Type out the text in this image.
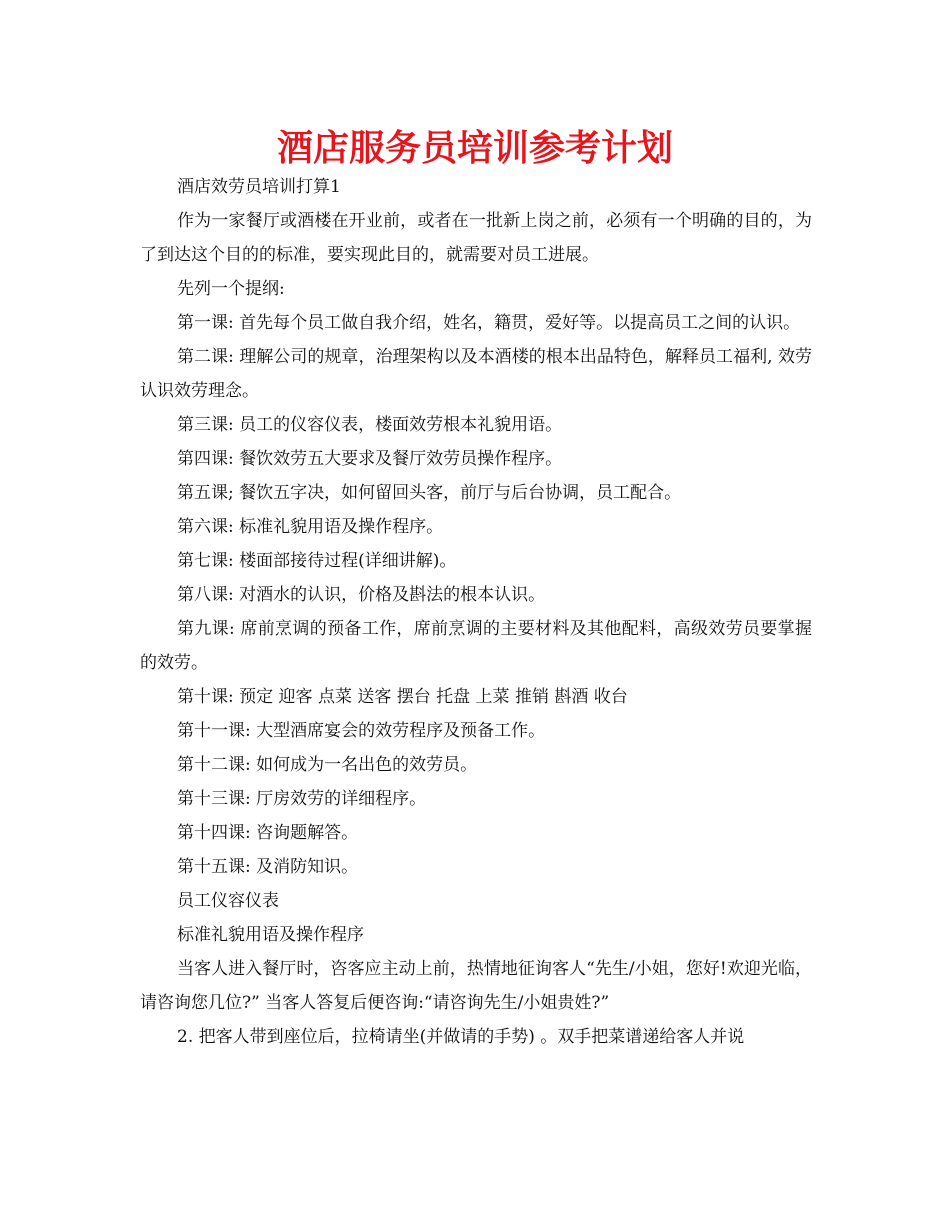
酒店服务员培训参考计划

酒店效劳员培训打算1

作为一家餐厅或酒楼在开业前，或者在一批新上岗之前，必须有一个明确的目的，为了到达这个目的的标准，要实现此目的，就需要对员工进展。

先列一个提纲:

第一课: 首先每个员工做自我介绍，姓名，籍贯，爱好等。以提高员工之间的认识。

第二课: 理解公司的规章，治理架构以及本酒楼的根本出品特色，解释员工福利, 效劳认识效劳理念。

第三课: 员工的仪容仪表，楼面效劳根本礼貌用语。

第四课: 餐饮效劳五大要求及餐厅效劳员操作程序。

第五课; 餐饮五字决，如何留回头客，前厅与后台协调，员工配合。

第六课: 标准礼貌用语及操作程序。

第七课: 楼面部接待过程(详细讲解)。

第八课: 对酒水的认识，价格及斟法的根本认识。

第九课: 席前烹调的预备工作，席前烹调的主要材料及其他配料，高级效劳员要掌握的效劳。

第十课: 预定 迎客 点菜 送客 摆台 托盘 上菜 推销 斟酒 收台

第十一课: 大型酒席宴会的效劳程序及预备工作。

第十二课: 如何成为一名出色的效劳员。

第十三课: 厅房效劳的详细程序。

第十四课: 咨询题解答。

第十五课: 及消防知识。

员工仪容仪表

标准礼貌用语及操作程序

当客人进入餐厅时，咨客应主动上前，热情地征询客人“先生/小姐，您好!欢迎光临，请咨询您几位?” 当客人答复后便咨询:“请咨询先生/小姐贵姓?”

2. 把客人带到座位后，拉椅请坐(并做请的手势) 。双手把菜谱递给客人并说
